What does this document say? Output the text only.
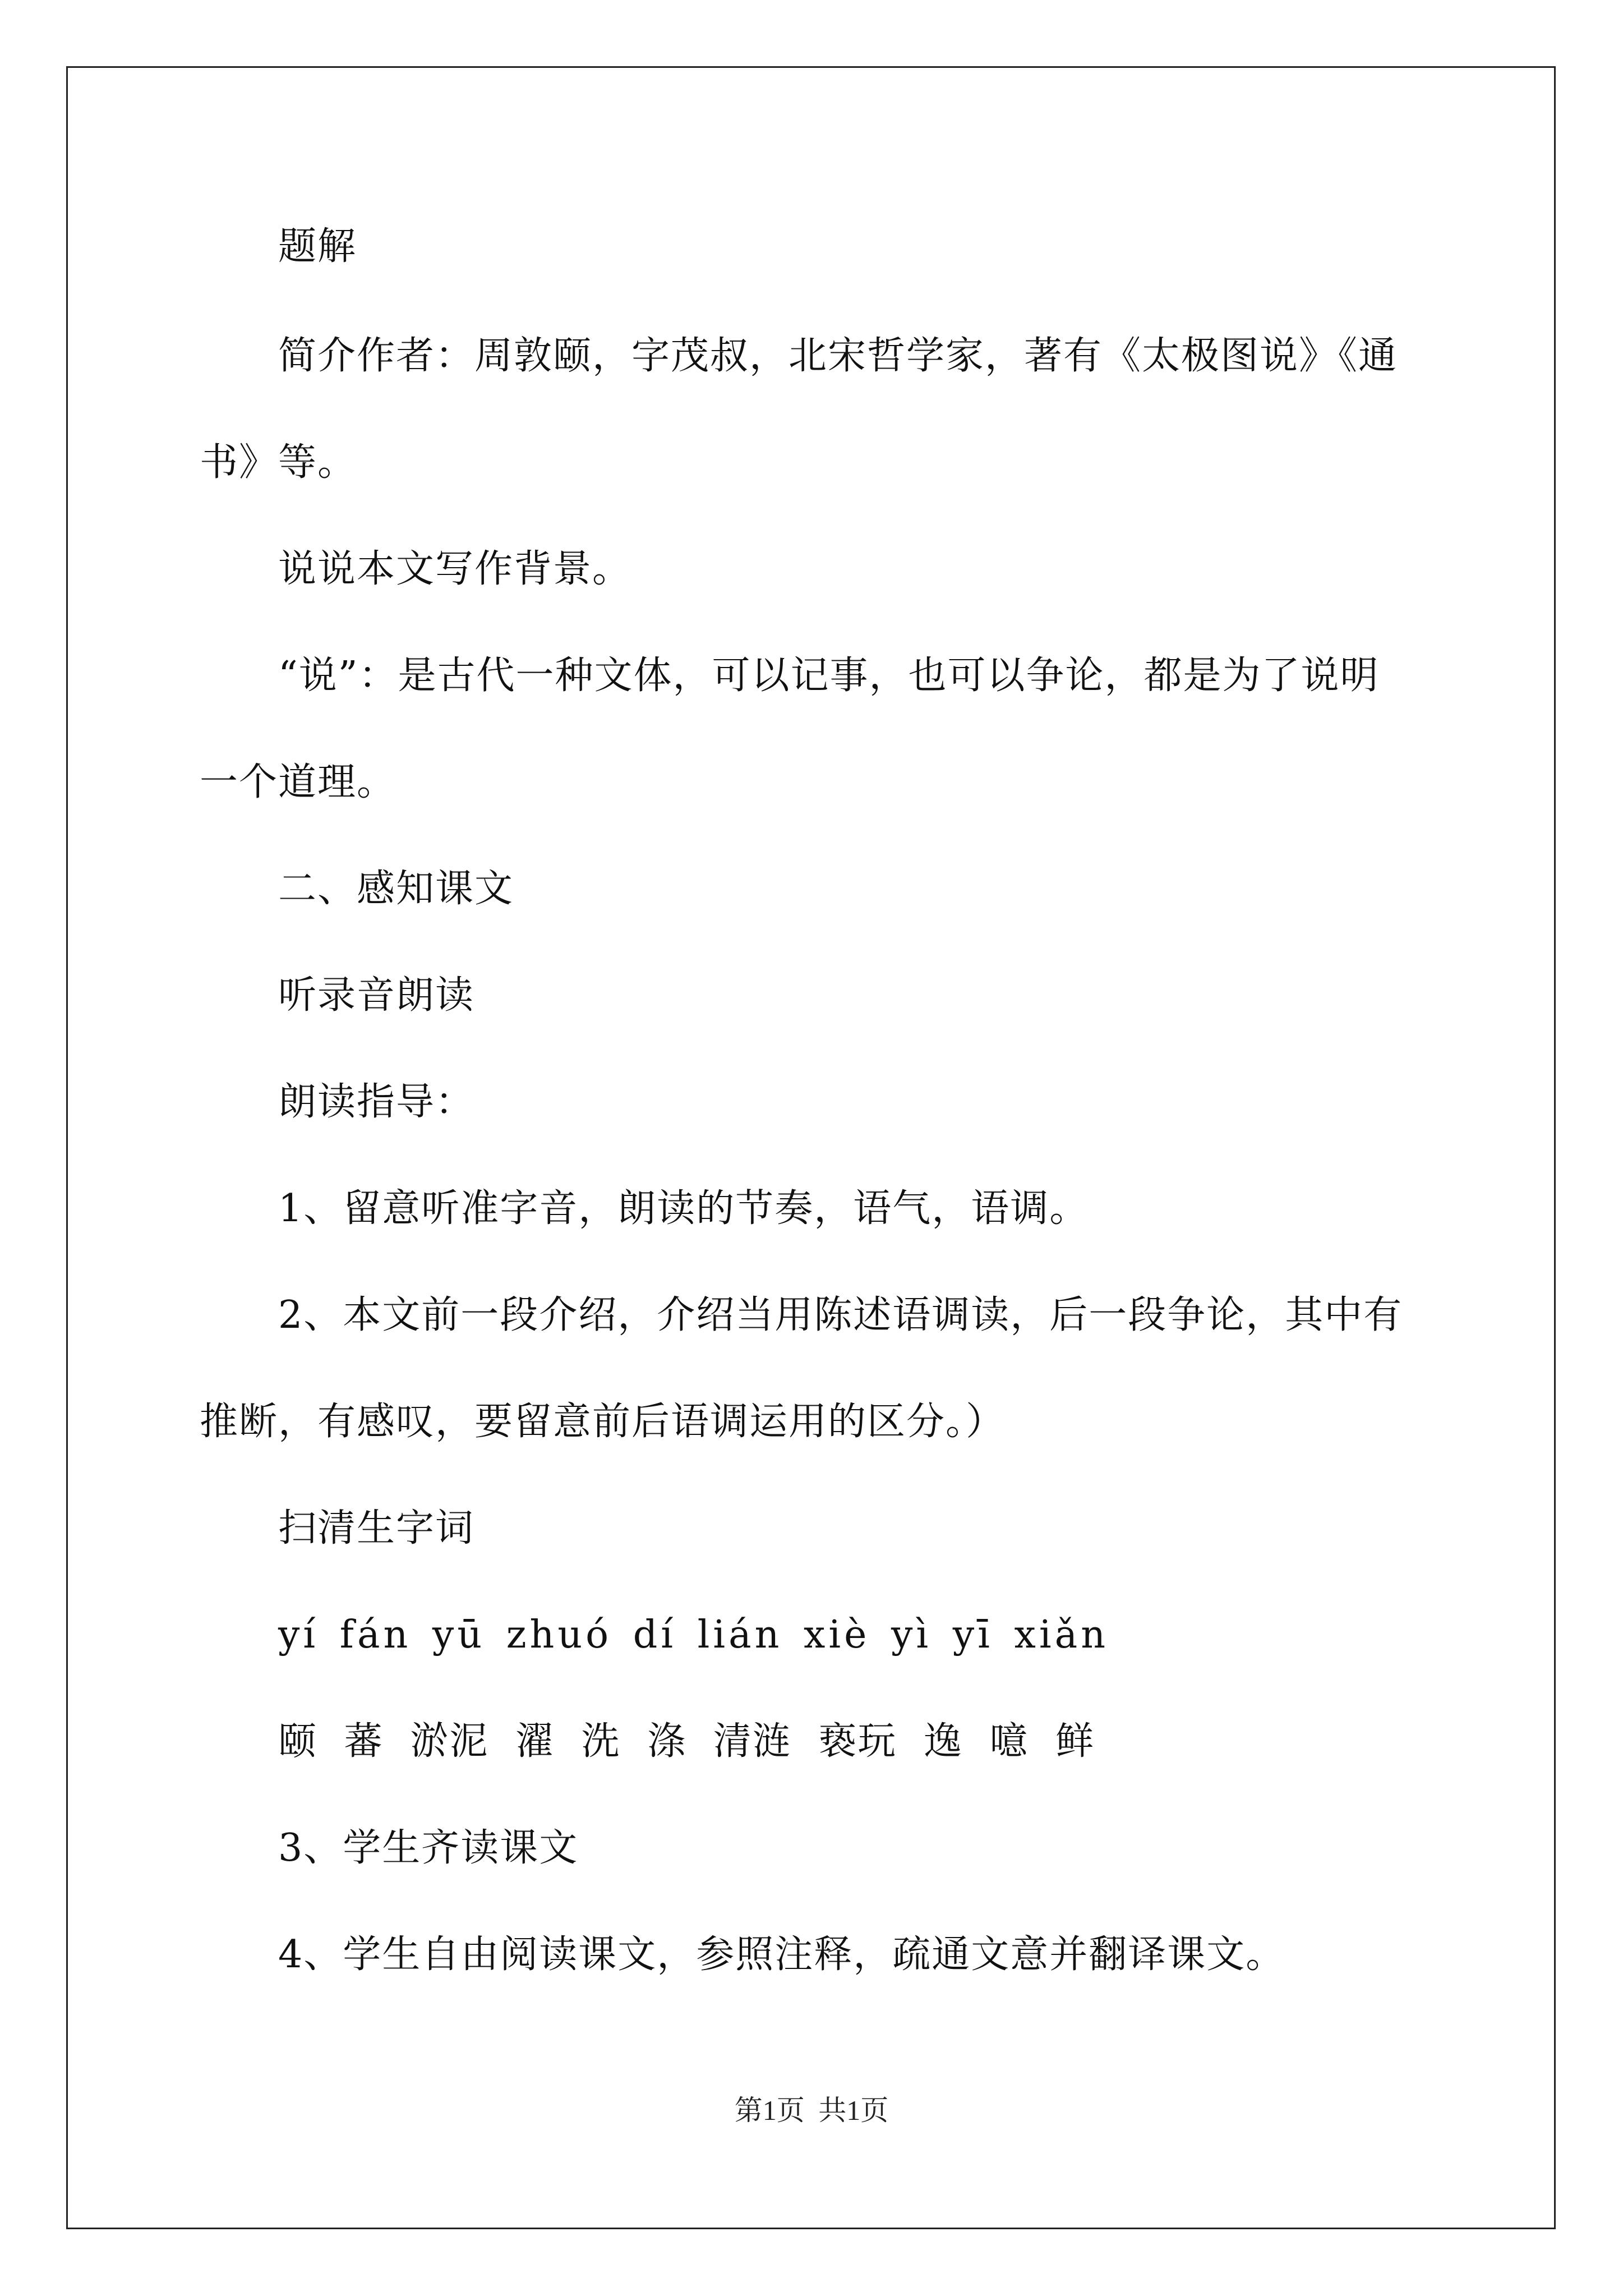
题解
简介作者：周敦颐，字茂叔，北宋哲学家，著有《太极图说》《通
书》等。
说说本文写作背景。
“说”：是古代一种文体，可以记事，也可以争论，都是为了说明
一个道理。
二、感知课文
听录音朗读
朗读指导：
1、留意听准字音，朗读的节奏，语气，语调。
2、本文前一段介绍，介绍当用陈述语调读，后一段争论，其中有
推断，有感叹，要留意前后语调运用的区分。）
扫清生字词
yí fán yū zhuó dí lián xiè yì yī xiǎn
颐 蕃 淤泥 濯 洗 涤 清涟 亵玩 逸 噫 鲜
3、学生齐读课文
4、学生自由阅读课文，参照注释，疏通文意并翻译课文。
第1页 共1页
